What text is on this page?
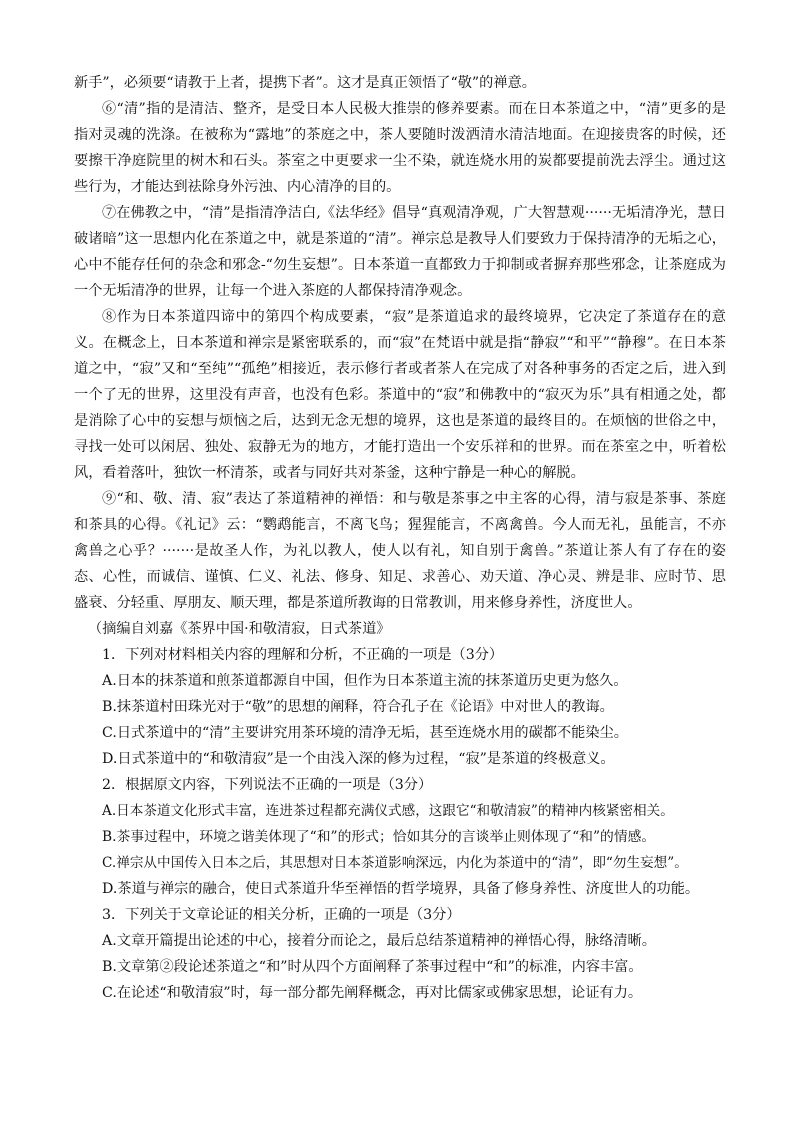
新手”，必须要“请教于上者，提携下者”。这才是真正领悟了“敬”的禅意。

⑥“清”指的是清洁、整齐，是受日本人民极大推崇的修养要素。而在日本茶道之中，“清”更多的是指对灵魂的洗涤。在被称为“露地”的茶庭之中，茶人要随时泼洒清水清洁地面。在迎接贵客的时候，还要擦干净庭院里的树木和石头。茶室之中更要求一尘不染，就连烧水用的炭都要提前洗去浮尘。通过这些行为，才能达到祛除身外污浊、内心清净的目的。

⑦在佛教之中，“清”是指清净洁白,《法华经》倡导“真观清净观，广大智慧观······无垢清净光，慧日破诸暗”这一思想内化在茶道之中，就是茶道的“清”。禅宗总是教导人们要致力于保持清净的无垢之心，心中不能存任何的杂念和邪念-“勿生妄想”。日本茶道一直都致力于抑制或者摒弃那些邪念，让茶庭成为一个无垢清净的世界，让每一个进入茶庭的人都保持清净观念。

⑧作为日本茶道四谛中的第四个构成要素，“寂”是茶道追求的最终境界，它决定了茶道存在的意义。在概念上，日本茶道和禅宗是紧密联系的，而“寂”在梵语中就是指“静寂”“和平”“静穆”。在日本茶道之中，“寂”又和“至纯”“孤绝”相接近，表示修行者或者茶人在完成了对各种事务的否定之后，进入到一个了无的世界，这里没有声音，也没有色彩。茶道中的“寂”和佛教中的“寂灭为乐”具有相通之处，都是消除了心中的妄想与烦恼之后，达到无念无想的境界，这也是茶道的最终目的。在烦恼的世俗之中，寻找一处可以闲居、独处、寂静无为的地方，才能打造出一个安乐祥和的世界。而在茶室之中，听着松风，看着落叶，独饮一杯清茶，或者与同好共对茶釜，这种宁静是一种心的解脱。

⑨“和、敬、清、寂”表达了茶道精神的禅悟：和与敬是茶事之中主客的心得，清与寂是茶事、茶庭和茶具的心得。《礼记》云：“鹦鹉能言，不离飞鸟；猩猩能言，不离禽兽。今人而无礼，虽能言，不亦禽兽之心乎？·······是故圣人作，为礼以教人，使人以有礼，知自别于禽兽。”茶道让茶人有了存在的姿态、心性，而诚信、谨慎、仁义、礼法、修身、知足、求善心、劝天道、净心灵、辨是非、应时节、思盛衰、分轻重、厚朋友、顺天理，都是茶道所教诲的日常教训，用来修身养性，济度世人。

（摘编自刘嘉《茶界中国·和敬清寂，日式茶道》

1．下列对材料相关内容的理解和分析，不正确的一项是（3分）

A.日本的抹茶道和煎茶道都源自中国，但作为日本茶道主流的抹茶道历史更为悠久。

B.抹茶道村田珠光对于“敬”的思想的阐释，符合孔子在《论语》中对世人的教诲。

C.日式茶道中的“清”主要讲究用茶环境的清净无垢，甚至连烧水用的碳都不能染尘。

D.日式茶道中的“和敬清寂”是一个由浅入深的修为过程，“寂”是茶道的终极意义。

2．根据原文内容，下列说法不正确的一项是（3分）

A.日本茶道文化形式丰富，连进茶过程都充满仪式感，这跟它“和敬清寂”的精神内核紧密相关。

B.茶事过程中，环境之谐美体现了“和”的形式；恰如其分的言谈举止则体现了“和”的情感。

C.禅宗从中国传入日本之后，其思想对日本茶道影响深远，内化为茶道中的“清”，即“勿生妄想”。

D.茶道与禅宗的融合，使日式茶道升华至禅悟的哲学境界，具备了修身养性、济度世人的功能。

3．下列关于文章论证的相关分析，正确的一项是（3分）

A.文章开篇提出论述的中心，接着分而论之，最后总结茶道精神的禅悟心得，脉络清晰。

B.文章第②段论述茶道之“和”时从四个方面阐释了茶事过程中“和”的标准，内容丰富。

C.在论述“和敬清寂”时，每一部分都先阐释概念，再对比儒家或佛家思想，论证有力。
